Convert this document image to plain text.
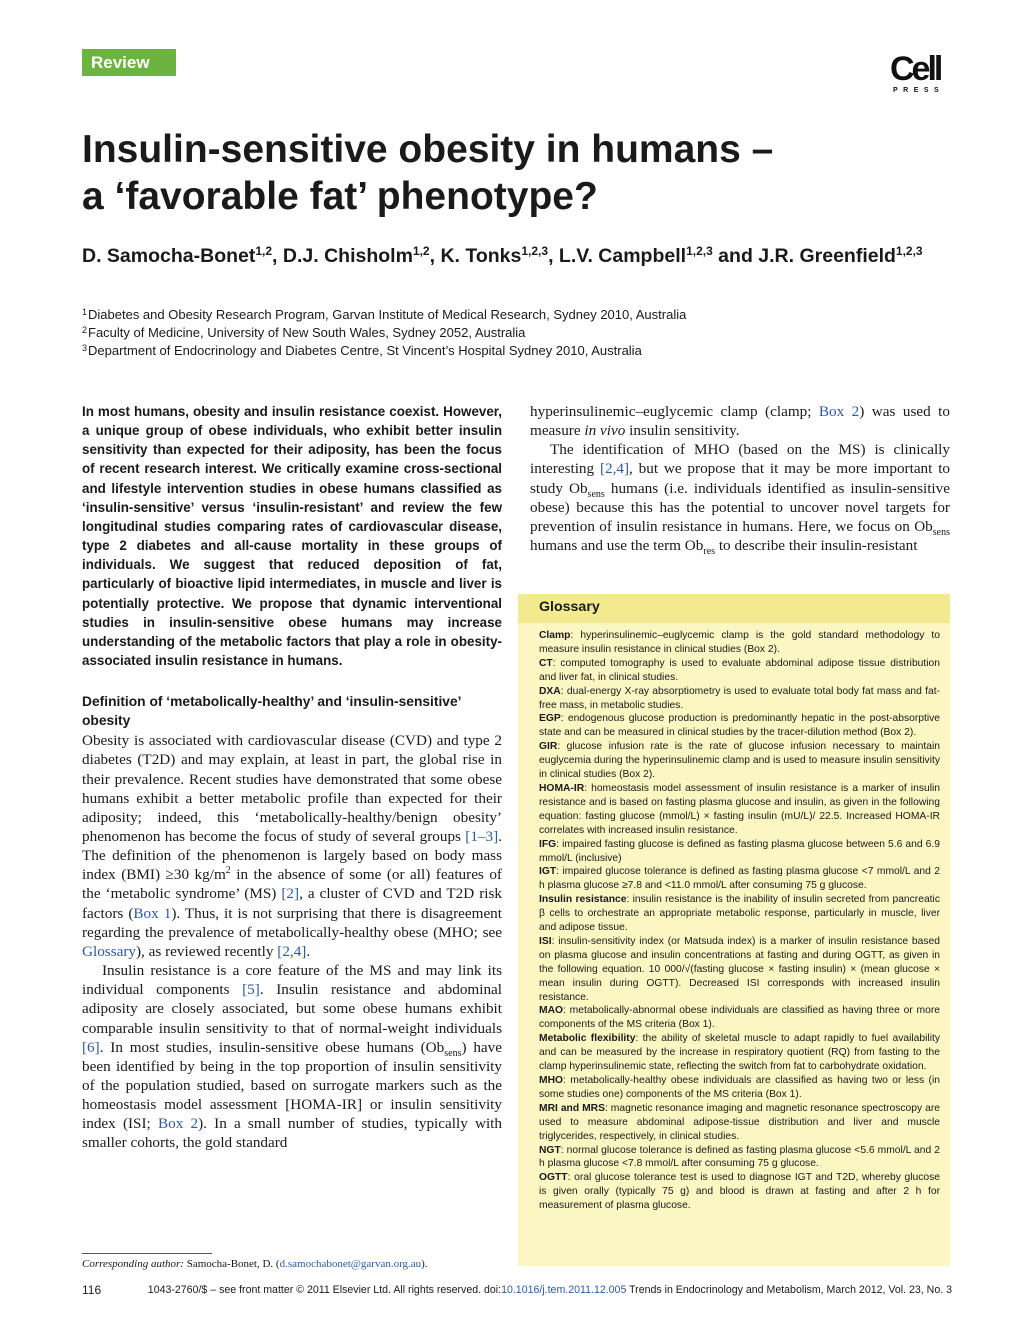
Review	Cell
PRESS
Insulin-sensitive obesity in humans –
a ‘favorable fat’ phenotype?
D. Samocha-Bonet$^{1,2}$, D.J. Chisholm$^{1,2}$, K. Tonks$^{1,2,3}$, L.V. Campbell$^{1,2,3}$ and J.R. Greenfield$^{1,2,3}$
$^1$Diabetes and Obesity Research Program, Garvan Institute of Medical Research, Sydney 2010, Australia
$^2$Faculty of Medicine, University of New South Wales, Sydney 2052, Australia
$^3$Department of Endocrinology and Diabetes Centre, St Vincent’s Hospital Sydney 2010, Australia

In most humans, obesity and insulin resistance coexist. However, a unique group of obese individuals, who exhibit better insulin sensitivity than expected for their adiposity, has been the focus of recent research interest. We critically examine cross-sectional and lifestyle intervention studies in obese humans classified as ‘insulin-sensitive’ versus ‘insulin-resistant’ and review the few longitudinal studies comparing rates of cardiovascular disease, type 2 diabetes and all-cause mortality in these groups of individuals. We suggest that reduced deposition of fat, particularly of bioactive lipid intermediates, in muscle and liver is potentially protective. We propose that dynamic interventional studies in insulin-sensitive obese humans may increase understanding of the metabolic factors that play a role in obesity-associated insulin resistance in humans.

Definition of ‘metabolically-healthy’ and ‘insulin-sensitive’ obesity

Obesity is associated with cardiovascular disease (CVD) and type 2 diabetes (T2D) and may explain, at least in part, the global rise in their prevalence. Recent studies have demonstrated that some obese humans exhibit a better metabolic profile than expected for their adiposity; indeed, this ‘metabolically-healthy/benign obesity’ phenomenon has become the focus of study of several groups [1–3]. The definition of the phenomenon is largely based on body mass index (BMI) ≥30 $kg/m^2$ in the absence of some (or all) features of the ‘metabolic syndrome’ (MS) [2], a cluster of CVD and T2D risk factors (Box 1). Thus, it is not surprising that there is disagreement regarding the prevalence of metabolically-healthy obese (MHO; see Glossary), as reviewed recently [2,4].

Insulin resistance is a core feature of the MS and may link its individual components [5]. Insulin resistance and abdominal adiposity are closely associated, but some obese humans exhibit comparable insulin sensitivity to that of normal-weight individuals [6]. In most studies, insulin-sensitive obese humans $(Ob_{sens})$ have been identified by being in the top proportion of insulin sensitivity of the population studied, based on surrogate markers such as the homeostasis model assessment [HOMA-IR] or insulin sensitivity index (ISI; Box 2). In a small number of studies, typically with smaller cohorts, the gold standard

hyperinsulinemic–euglycemic clamp (clamp; Box 2) was used to measure in vivo insulin sensitivity.

The identification of MHO (based on the MS) is clinically interesting [2,4], but we propose that it may be more important to study $Ob_{sens}$ humans (i.e. individuals identified as insulin-sensitive obese) because this has the potential to uncover novel targets for prevention of insulin resistance in humans. Here, we focus on $Ob_{sens}$ humans and use the term $Ob_{res}$ to describe their insulin-resistant

Glossary

Clamp: hyperinsulinemic–euglycemic clamp is the gold standard methodology to measure insulin resistance in clinical studies (Box 2).

CT: computed tomography is used to evaluate abdominal adipose tissue distribution and liver fat, in clinical studies.

DXA: dual-energy X-ray absorptiometry is used to evaluate total body fat mass and fat-free mass, in metabolic studies.

EGP: endogenous glucose production is predominantly hepatic in the post-absorptive state and can be measured in clinical studies by the tracer-dilution method (Box 2).

GIR: glucose infusion rate is the rate of glucose infusion necessary to maintain euglycemia during the hyperinsulinemic clamp and is used to measure insulin sensitivity in clinical studies (Box 2).

HOMA-IR: homeostasis model assessment of insulin resistance is a marker of insulin resistance and is based on fasting plasma glucose and insulin, as given in the following equation: fasting glucose (mmol/L) × fasting insulin (mU/L)/ 22.5. Increased HOMA-IR correlates with increased insulin resistance.

IFG: impaired fasting glucose is defined as fasting plasma glucose between 5.6 and 6.9 mmol/L (inclusive)

IGT: impaired glucose tolerance is defined as fasting plasma glucose <7 mmol/L and 2 h plasma glucose ≥7.8 and <11.0 mmol/L after consuming 75 g glucose.

Insulin resistance: insulin resistance is the inability of insulin secreted from pancreatic β cells to orchestrate an appropriate metabolic response, particularly in muscle, liver and adipose tissue.

ISI: insulin-sensitivity index (or Matsuda index) is a marker of insulin resistance based on plasma glucose and insulin concentrations at fasting and during OGTT, as given in the following equation. 10 000/√(fasting glucose × fasting insulin) × (mean glucose × mean insulin during OGTT). Decreased ISI corresponds with increased insulin resistance.

MAO: metabolically-abnormal obese individuals are classified as having three or more components of the MS criteria (Box 1).

Metabolic flexibility: the ability of skeletal muscle to adapt rapidly to fuel availability and can be measured by the increase in respiratory quotient (RQ) from fasting to the clamp hyperinsulinemic state, reflecting the switch from fat to carbohydrate oxidation.

MHO: metabolically-healthy obese individuals are classified as having two or less (in some studies one) components of the MS criteria (Box 1).

MRI and MRS: magnetic resonance imaging and magnetic resonance spectroscopy are used to measure abdominal adipose-tissue distribution and liver and muscle triglycerides, respectively, in clinical studies.

NGT: normal glucose tolerance is defined as fasting plasma glucose <5.6 mmol/L and 2 h plasma glucose <7.8 mmol/L after consuming 75 g glucose.

OGTT: oral glucose tolerance test is used to diagnose IGT and T2D, whereby glucose is given orally (typically 75 g) and blood is drawn at fasting and after 2 h for measurement of plasma glucose.

Corresponding author: Samocha-Bonet, D. (d.samochabonet@garvan.org.au).
116	1043-2760/$ – see front matter © 2011 Elsevier Ltd. All rights reserved. doi:10.1016/j.tem.2011.12.005 Trends in Endocrinology and Metabolism, March 2012, Vol. 23, No. 3
